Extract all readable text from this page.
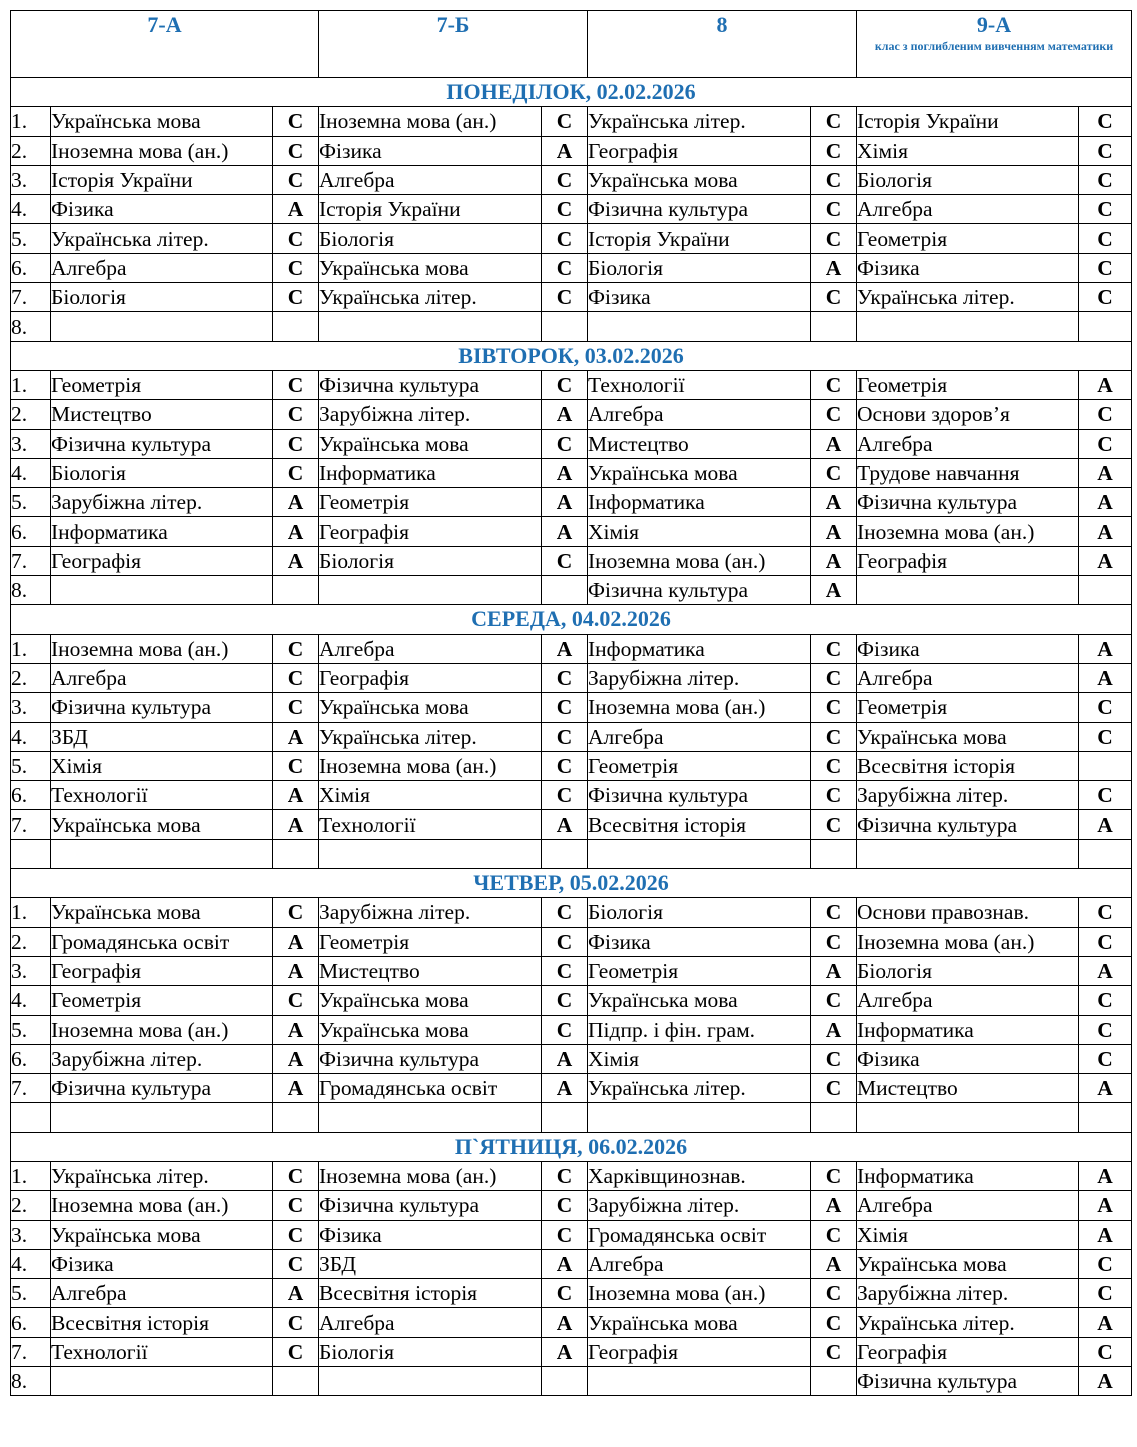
7-А			7-Б		8		9-А
клас з поглибленим вивченням математики	

ПОНЕДІЛОК, 02.02.2026								
1.	Українська мова	С	Іноземна мова (ан.)	С	Українська літер.	С	Історія України	С
2.	Іноземна мова (ан.)	С	Фізика	А	Географія	С	Хімія	С
3.	Історія України	С	Алгебра	С	Українська мова	С	Біологія	С
4.	Фізика	А	Історія України	С	Фізична культура	С	Алгебра	С
5.	Українська літер.	С	Біологія	С	Історія України	С	Геометрія	С
6.	Алгебра	С	Українська мова	С	Біологія	А	Фізика	С
7.	Біологія	С	Українська літер.	С	Фізика	С	Українська літер.	С
8.								
ВІВТОРОК, 03.02.2026								
1.	Геометрія	С	Фізична культура	С	Технології	С	Геометрія	А
2.	Мистецтво	С	Зарубіжна літер.	А	Алгебра	С	Основи здоров’я	С
3.	Фізична культура	С	Українська мова	С	Мистецтво	А	Алгебра	С
4.	Біологія	С	Інформатика	А	Українська мова	С	Трудове навчання	А
5.	Зарубіжна літер.	А	Геометрія	А	Інформатика	А	Фізична культура	А
6.	Інформатика	А	Географія	А	Хімія	А	Іноземна мова (ан.)	А
7.	Географія	А	Біологія	С	Іноземна мова (ан.)	А	Географія	А
8.					Фізична культура	А		
СЕРЕДА, 04.02.2026								
1.	Іноземна мова (ан.)	С	Алгебра	А	Інформатика	С	Фізика	А
2.	Алгебра	С	Географія	С	Зарубіжна літер.	С	Алгебра	А
3.	Фізична культура	С	Українська мова	С	Іноземна мова (ан.)	С	Геометрія	С
4.	ЗБД	А	Українська літер.	С	Алгебра	С	Українська мова	С
5.	Хімія	С	Іноземна мова (ан.)	С	Геометрія	С	Всесвітня історія	
6.	Технології	А	Хімія	С	Фізична культура	С	Зарубіжна літер.	С
7.	Українська мова	А	Технології	А	Всесвітня історія	С	Фізична культура	А

ЧЕТВЕР, 05.02.2026								
1.	Українська мова	С	Зарубіжна літер.	С	Біологія	С	Основи правознав.	С
2.	Громадянська освіт	А	Геометрія	С	Фізика	С	Іноземна мова (ан.)	С
3.	Географія	А	Мистецтво	С	Геометрія	А	Біологія	А
4.	Геометрія	С	Українська мова	С	Українська мова	С	Алгебра	С
5.	Іноземна мова (ан.)	А	Українська мова	С	Підпр. і фін. грам.	А	Інформатика	С
6.	Зарубіжна літер.	А	Фізична культура	А	Хімія	С	Фізика	С
7.	Фізична культура	А	Громадянська освіт	А	Українська літер.	С	Мистецтво	А

П`ЯТНИЦЯ, 06.02.2026								
1.	Українська літер.	С	Іноземна мова (ан.)	С	Харківщинознав.	С	Інформатика	А
2.	Іноземна мова (ан.)	С	Фізична культура	С	Зарубіжна літер.	А	Алгебра	А
3.	Українська мова	С	Фізика	С	Громадянська освіт	С	Хімія	А
4.	Фізика	С	ЗБД	А	Алгебра	А	Українська мова	С
5.	Алгебра	А	Всесвітня історія	С	Іноземна мова (ан.)	С	Зарубіжна літер.	С
6.	Всесвітня історія	С	Алгебра	А	Українська мова	С	Українська літер.	А
7.	Технології	С	Біологія	А	Географія	С	Географія	С
8.							Фізична культура	А
